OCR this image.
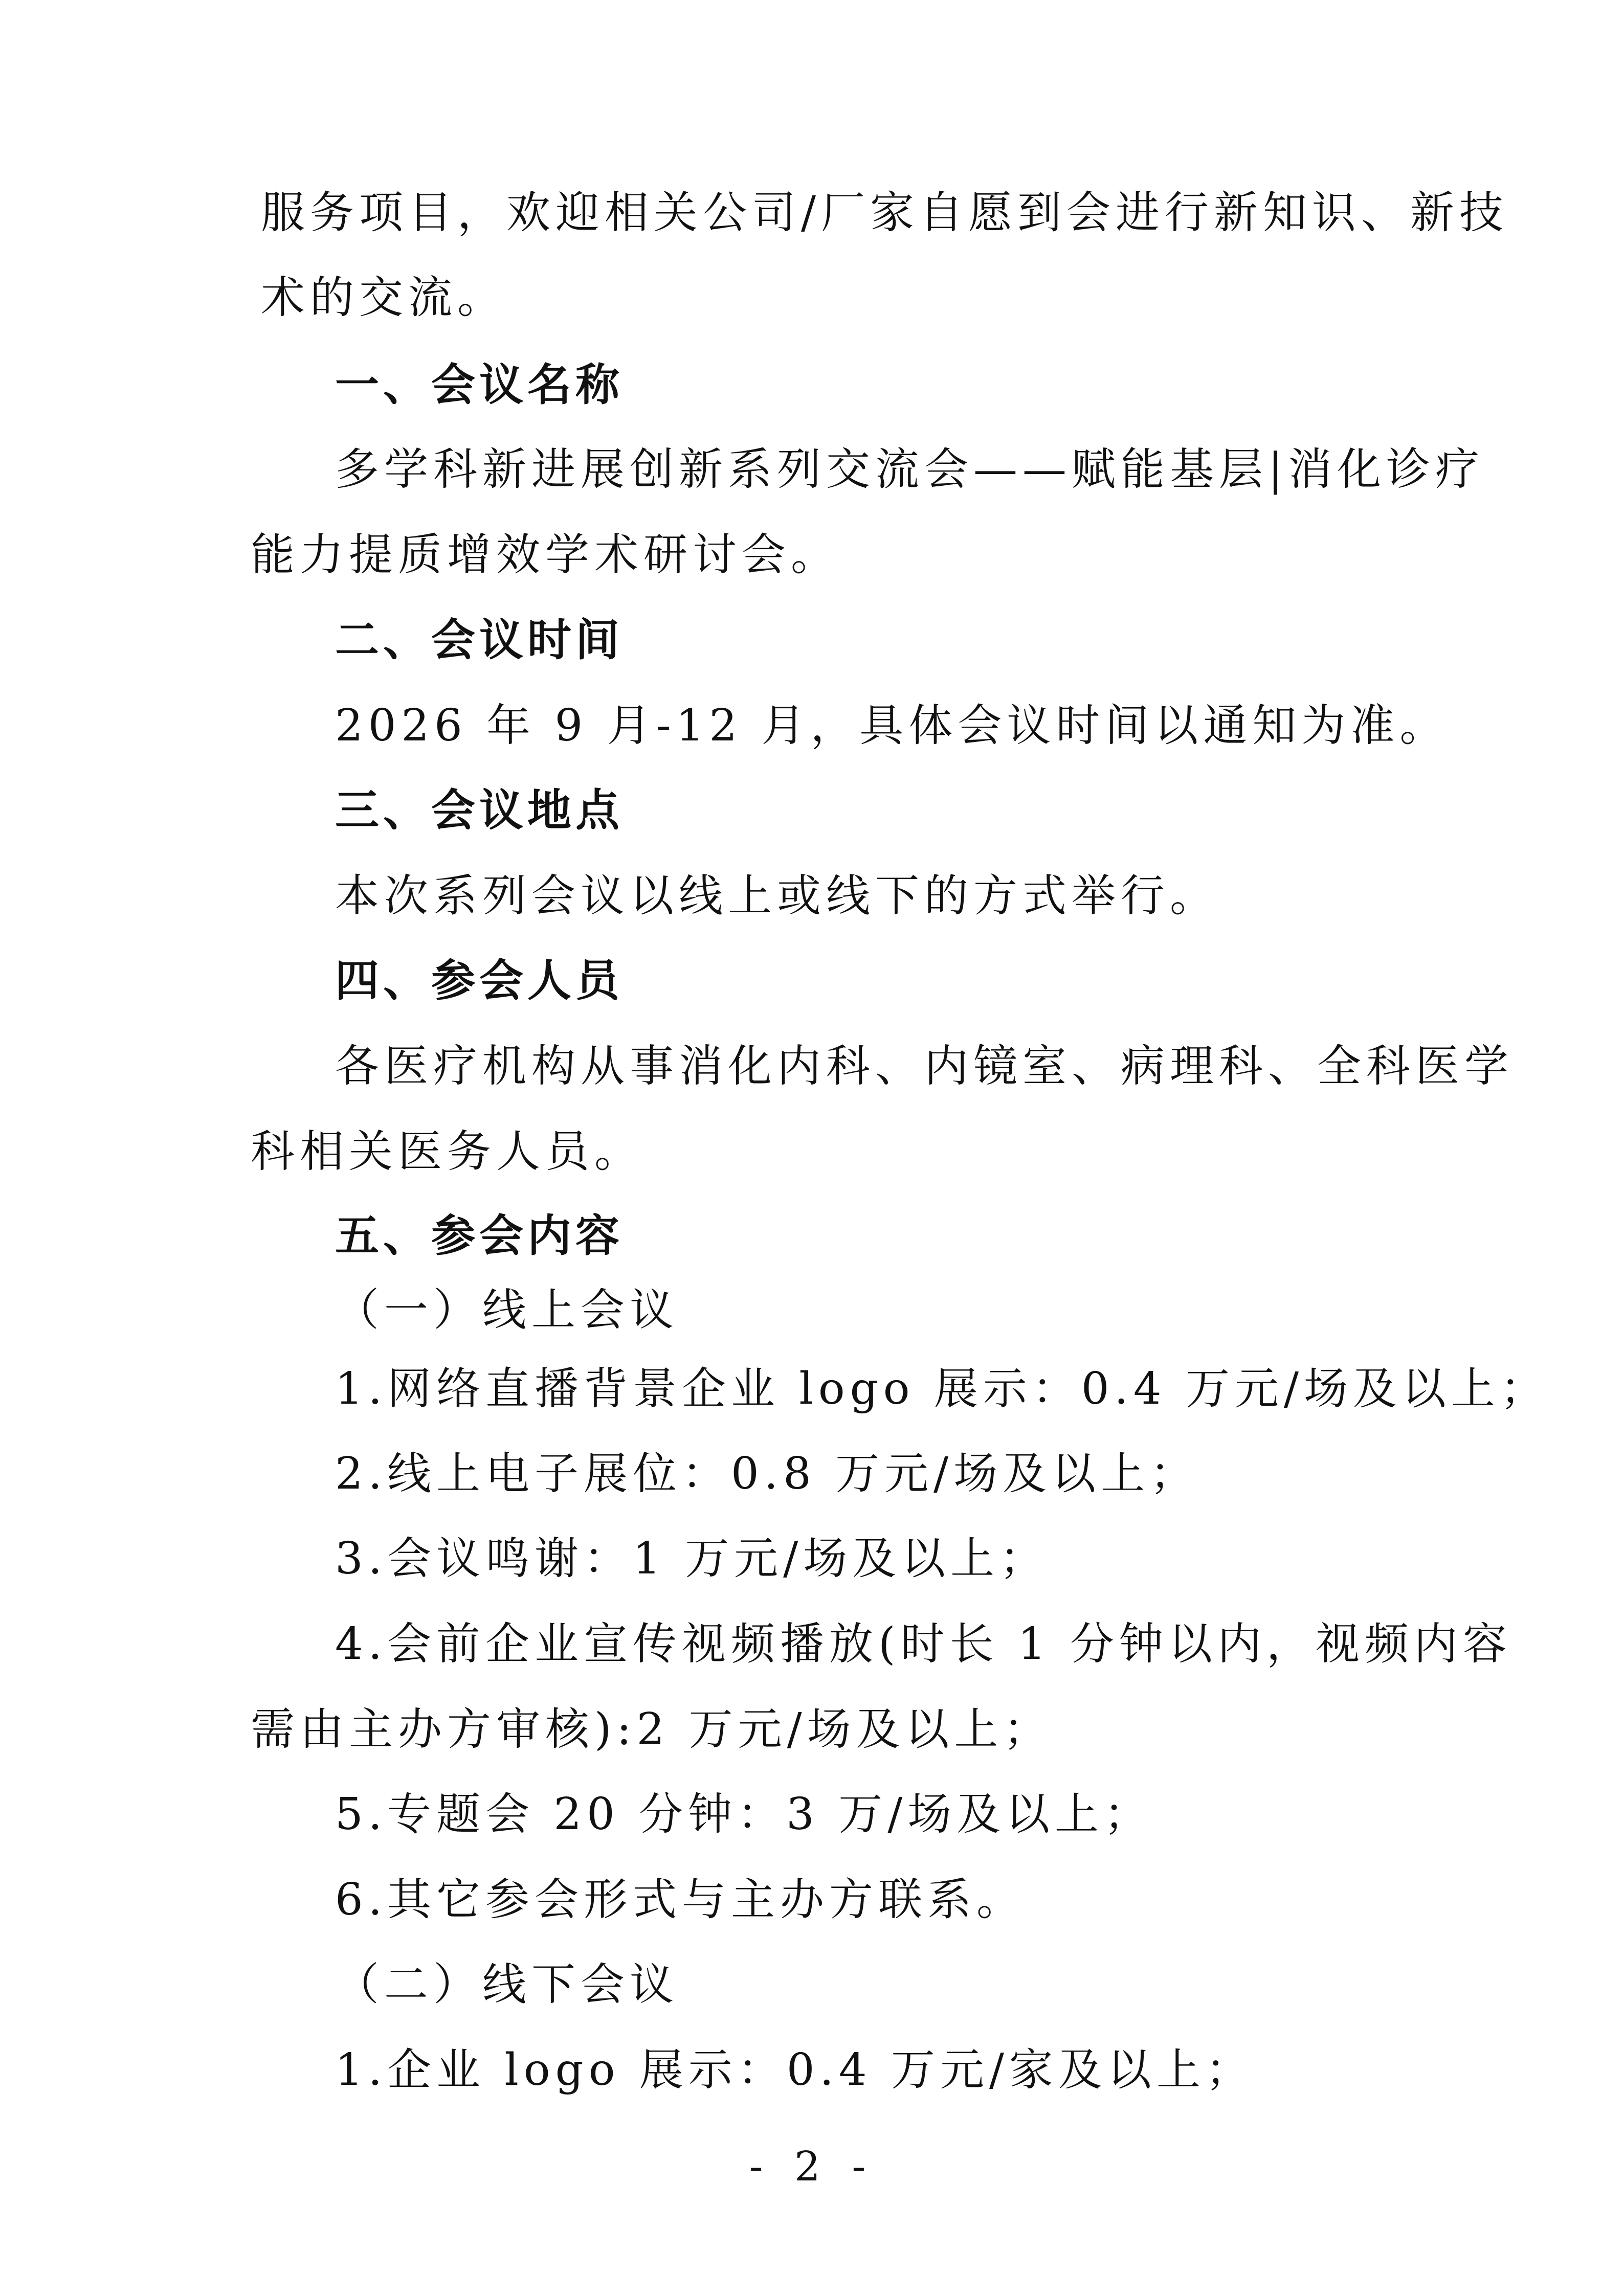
服务项目，欢迎相关公司/厂家自愿到会进行新知识、新技
术的交流。
一、会议名称
多学科新进展创新系列交流会——赋能基层|消化诊疗
能力提质增效学术研讨会。
二、会议时间
2026 年 9 月-12 月，具体会议时间以通知为准。
三、会议地点
本次系列会议以线上或线下的方式举行。
四、参会人员
各医疗机构从事消化内科、内镜室、病理科、全科医学
科相关医务人员。
五、参会内容
（一）线上会议
1.网络直播背景企业 logo 展示：0.4 万元/场及以上；
2.线上电子展位：0.8 万元/场及以上；
3.会议鸣谢：1 万元/场及以上；
4.会前企业宣传视频播放(时长 1 分钟以内，视频内容
需由主办方审核):2 万元/场及以上；
5.专题会 20 分钟：3 万/场及以上；
6.其它参会形式与主办方联系。
（二）线下会议
1.企业 logo 展示：0.4 万元/家及以上；
- 2 -
